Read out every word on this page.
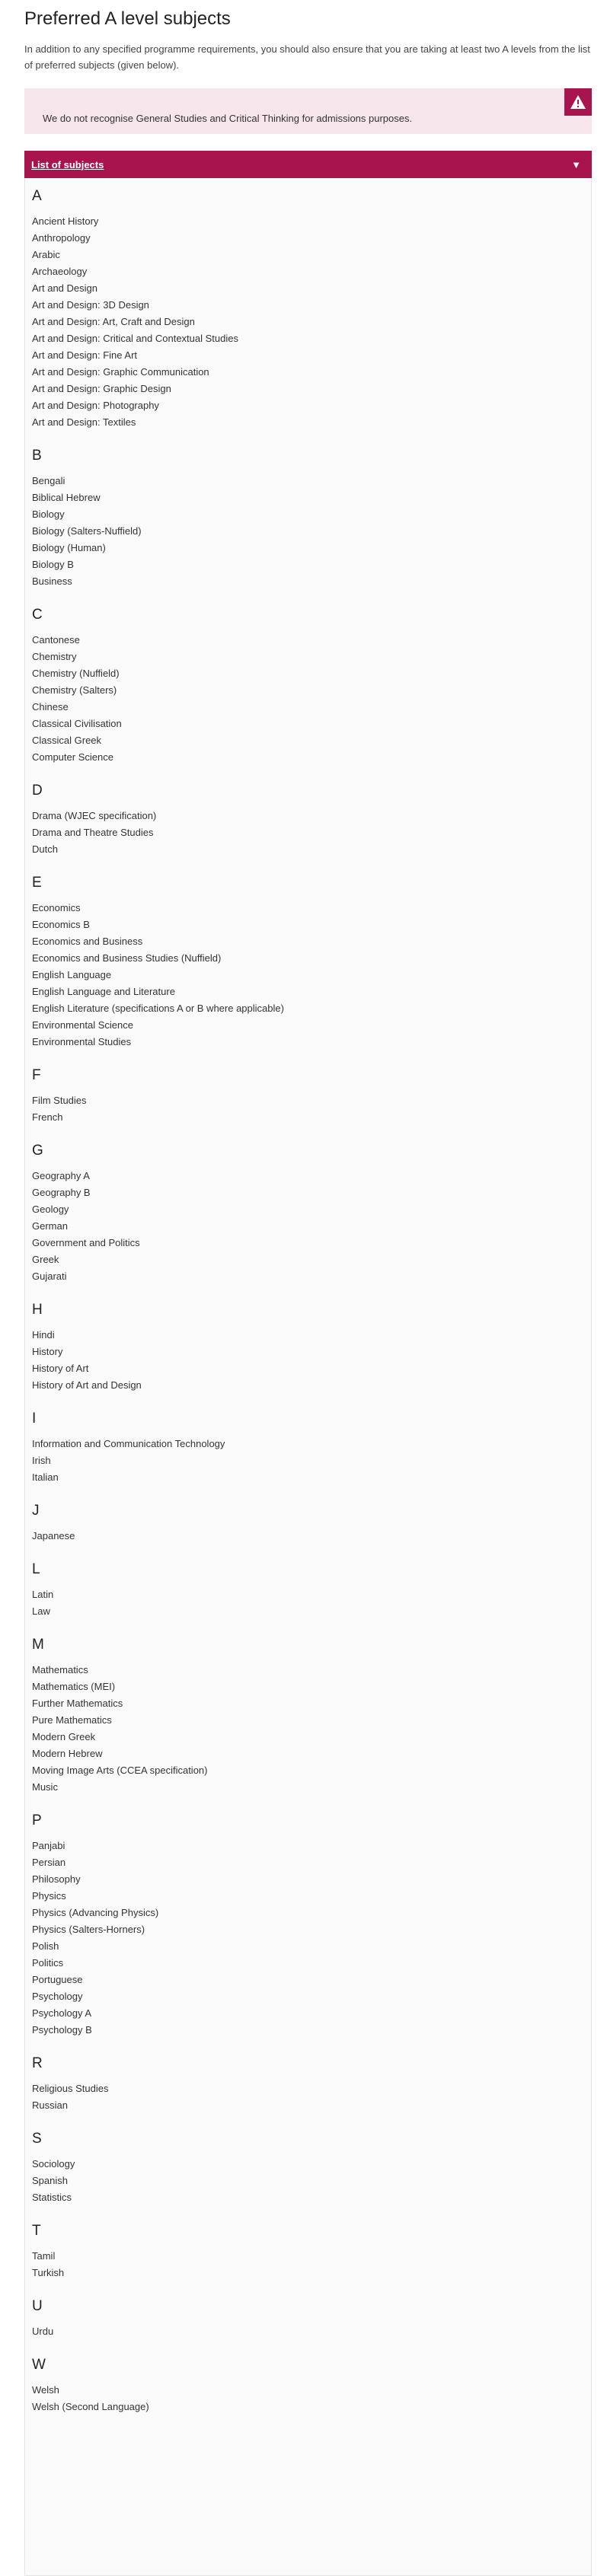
Preferred A level subjects

In addition to any specified programme requirements, you should also ensure that you are taking at least two A levels from the list of preferred subjects (given below).

We do not recognise General Studies and Critical Thinking for admissions purposes.
List of subjects	▼
A
Ancient History
Anthropology
Arabic
Archaeology
Art and Design
Art and Design: 3D Design
Art and Design: Art, Craft and Design
Art and Design: Critical and Contextual Studies
Art and Design: Fine Art
Art and Design: Graphic Communication
Art and Design: Graphic Design
Art and Design: Photography
Art and Design: Textiles
B
Bengali
Biblical Hebrew
Biology
Biology (Salters-Nuffield)
Biology (Human)
Biology B
Business
C
Cantonese
Chemistry
Chemistry (Nuffield)
Chemistry (Salters)
Chinese
Classical Civilisation
Classical Greek
Computer Science
D
Drama (WJEC specification)
Drama and Theatre Studies
Dutch
E
Economics
Economics B
Economics and Business
Economics and Business Studies (Nuffield)
English Language
English Language and Literature
English Literature (specifications A or B where applicable)
Environmental Science
Environmental Studies
F
Film Studies
French
G
Geography A
Geography B
Geology
German
Government and Politics
Greek
Gujarati
H
Hindi
History
History of Art
History of Art and Design
I
Information and Communication Technology
Irish
Italian
J
Japanese
L
Latin
Law
M
Mathematics
Mathematics (MEI)
Further Mathematics
Pure Mathematics
Modern Greek
Modern Hebrew
Moving Image Arts (CCEA specification)
Music
P
Panjabi
Persian
Philosophy
Physics
Physics (Advancing Physics)
Physics (Salters-Horners)
Polish
Politics
Portuguese
Psychology
Psychology A
Psychology B
R
Religious Studies
Russian
S
Sociology
Spanish
Statistics
T
Tamil
Turkish
U
Urdu
W
Welsh
Welsh (Second Language)
